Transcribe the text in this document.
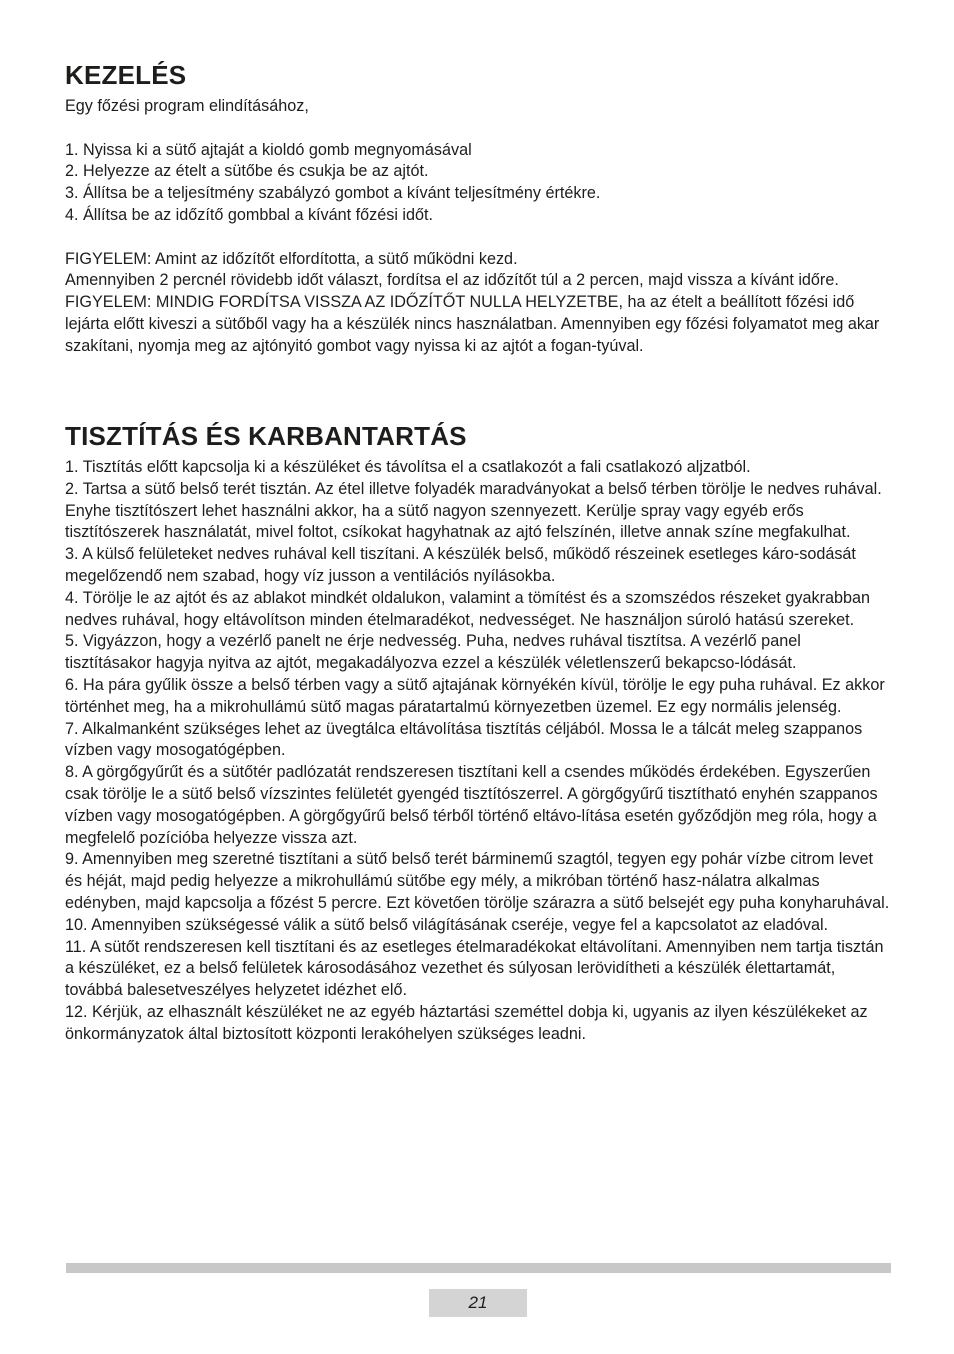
KEZELÉS

Egy főzési program elindításához,

1. Nyissa ki a sütő ajtaját a kioldó gomb megnyomásával

2. Helyezze az ételt a sütőbe és csukja be az ajtót.

3. Állítsa be a teljesítmény szabályzó gombot a kívánt teljesítmény értékre.

4. Állítsa be az időzítő gombbal a kívánt főzési időt.

FIGYELEM: Amint az időzítőt elfordította, a sütő működni kezd.

Amennyiben 2 percnél rövidebb időt választ, fordítsa el az időzítőt túl a 2 percen, majd vissza a kívánt időre.

FIGYELEM: MINDIG FORDÍTSA VISSZA AZ IDŐZÍTŐT NULLA HELYZETBE, ha az ételt a beállított főzési idő lejárta előtt kiveszi a sütőből vagy ha a készülék nincs használatban. Amennyiben egy főzési folyamatot meg akar szakítani, nyomja meg az ajtónyitó gombot vagy nyissa ki az ajtót a fogan-tyúval.

TISZTÍTÁS ÉS KARBANTARTÁS

1. Tisztítás előtt kapcsolja ki a készüléket és távolítsa el a csatlakozót a fali csatlakozó aljzatból.

2. Tartsa a sütő belső terét tisztán. Az étel illetve folyadék maradványokat a belső térben törölje le nedves ruhával. Enyhe tisztítószert lehet használni akkor, ha a sütő nagyon szennyezett. Kerülje spray vagy egyéb erős tisztítószerek használatát, mivel foltot, csíkokat hagyhatnak az ajtó felszínén, illetve annak színe megfakulhat.

3. A külső felületeket nedves ruhával kell tiszítani. A készülék belső, működő részeinek esetleges káro-sodását megelőzendő nem szabad, hogy víz jusson a ventilációs nyílásokba.

4. Törölje le az ajtót és az ablakot mindkét oldalukon, valamint a tömítést és a szomszédos részeket gyakrabban nedves ruhával, hogy eltávolítson minden ételmaradékot, nedvességet. Ne használjon súroló hatású szereket.

5. Vigyázzon, hogy a vezérlő panelt ne érje nedvesség. Puha, nedves ruhával tisztítsa. A vezérlő panel tisztításakor hagyja nyitva az ajtót, megakadályozva ezzel a készülék véletlenszerű bekapcso-lódását.

6. Ha pára gyűlik össze a belső térben vagy a sütő ajtajának környékén kívül, törölje le egy puha ruhával. Ez akkor történhet meg, ha a mikrohullámú sütő magas páratartalmú környezetben üzemel. Ez egy normális jelenség.

7. Alkalmanként szükséges lehet az üvegtálca eltávolítása tisztítás céljából. Mossa le a tálcát meleg szappanos vízben vagy mosogatógépben.

8. A görgőgyűrűt és a sütőtér padlózatát rendszeresen tisztítani kell a csendes működés érdekében. Egyszerűen csak törölje le a sütő belső vízszintes felületét gyengéd tisztítószerrel. A görgőgyűrű tisztítható enyhén szappanos vízben vagy mosogatógépben. A görgőgyűrű belső térből történő eltávo-lítása esetén győződjön meg róla, hogy a megfelelő pozícióba helyezze vissza azt.

9. Amennyiben meg szeretné tisztítani a sütő belső terét bárminemű szagtól, tegyen egy pohár vízbe citrom levet és héját, majd pedig helyezze a mikrohullámú sütőbe egy mély, a mikróban történő hasz-nálatra alkalmas edényben, majd kapcsolja a főzést 5 percre. Ezt követően törölje szárazra a sütő belsejét egy puha konyharuhával.

10. Amennyiben szükségessé válik a sütő belső világításának cseréje, vegye fel a kapcsolatot az eladóval.

11. A sütőt rendszeresen kell tisztítani és az esetleges ételmaradékokat eltávolítani. Amennyiben nem tartja tisztán a készüléket, ez a belső felületek károsodásához vezethet és súlyosan lerövidítheti a készülék élettartamát, továbbá balesetveszélyes helyzetet idézhet elő.

12. Kérjük, az elhasznált készüléket ne az egyéb háztartási szeméttel dobja ki, ugyanis az ilyen készülékeket az önkormányzatok által biztosított központi lerakóhelyen szükséges leadni.

21
